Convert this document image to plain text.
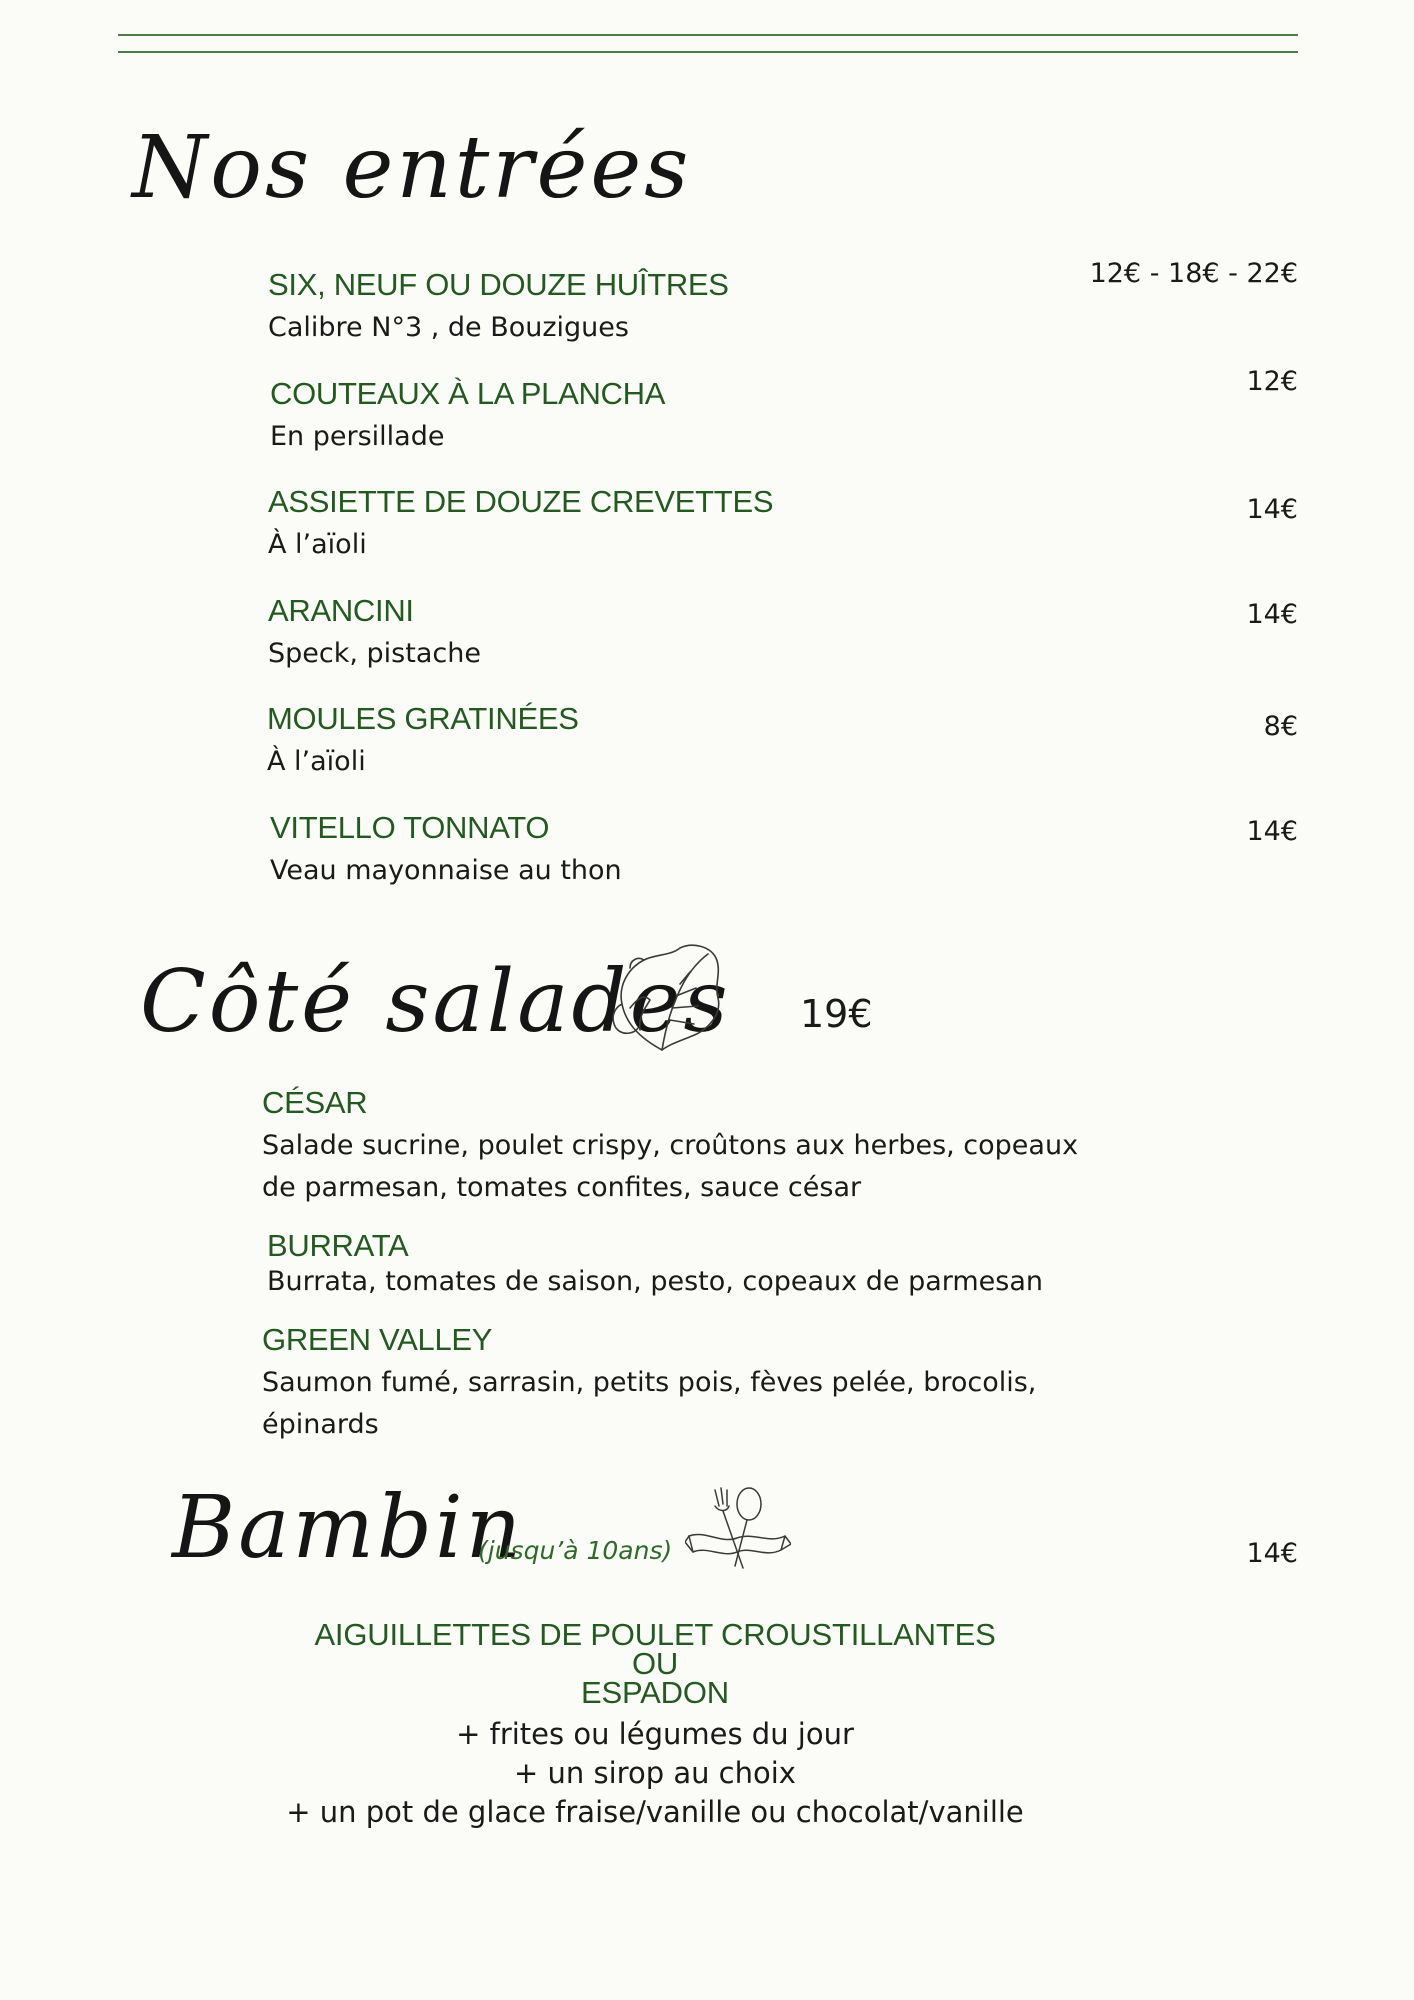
Nos entrées
SIX, NEUF OU DOUZE HUÎTRES
Calibre N°3 , de Bouzigues
12€ - 18€ - 22€
COUTEAUX À LA PLANCHA
En persillade
12€
ASSIETTE DE DOUZE CREVETTES
À l’aïoli
14€
ARANCINI
Speck, pistache
14€
MOULES GRATINÉES
À l’aïoli
8€
VITELLO TONNATO
Veau mayonnaise au thon
14€
Côté salades 19€
CÉSAR
Salade sucrine, poulet crispy, croûtons aux herbes, copeaux
de parmesan, tomates confites, sauce césar
BURRATA
Burrata, tomates de saison, pesto, copeaux de parmesan
GREEN VALLEY
Saumon fumé, sarrasin, petits pois, fèves pelée, brocolis,
épinards
Bambin
(jusqu’à 10ans)	14€
AIGUILLETTES DE POULET CROUSTILLANTES
OU
ESPADON
+ frites ou légumes du jour
+ un sirop au choix
+ un pot de glace fraise/vanille ou chocolat/vanille
